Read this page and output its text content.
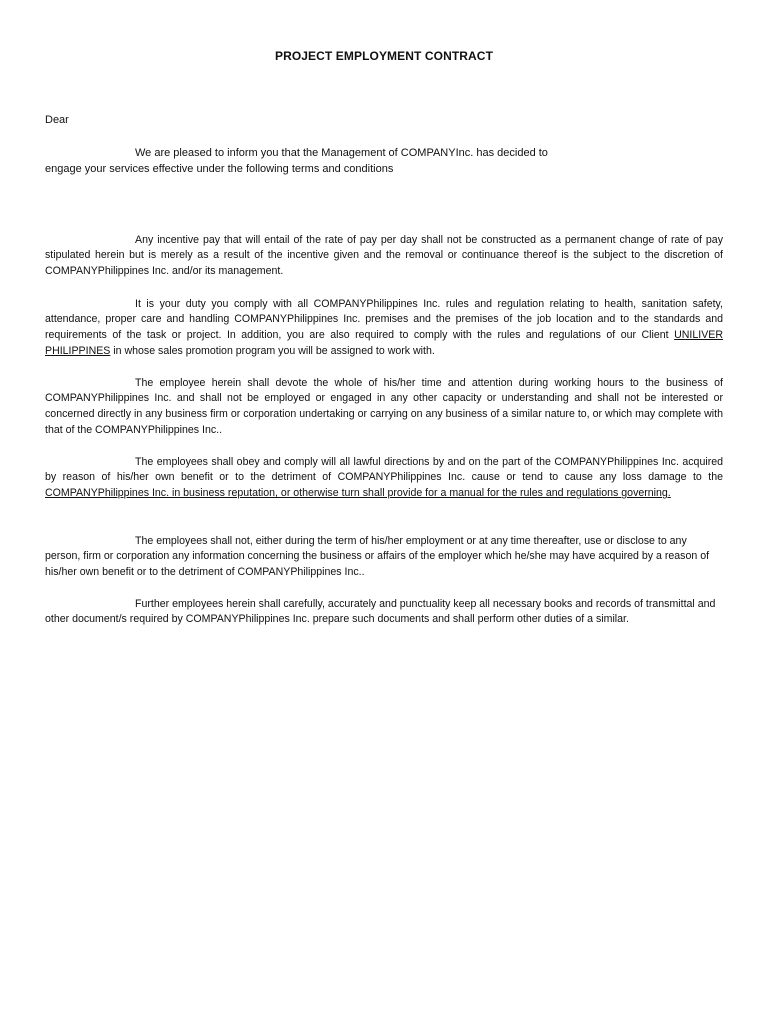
PROJECT EMPLOYMENT CONTRACT
Dear
We are pleased to inform you that the Management of COMPANYInc. has decided to
engage your services effective under the following terms and conditions

Any incentive pay that will entail of the rate of pay per day shall not be constructed as a permanent change of rate of pay stipulated herein but is merely as a result of the incentive given and the removal or continuance thereof is the subject to the discretion of COMPANYPhilippines Inc. and/or its management.

It is your duty you comply with all COMPANYPhilippines Inc. rules and regulation relating to health, sanitation safety, attendance, proper care and handling COMPANYPhilippines Inc. premises and the premises of the job location and to the standards and requirements of the task or project. In addition, you are also required to comply with the rules and regulations of our Client UNILIVER PHILIPPINES in whose sales promotion program you will be assigned to work with.

The employee herein shall devote the whole of his/her time and attention during working hours to the business of COMPANYPhilippines Inc. and shall not be employed or engaged in any other capacity or understanding and shall not be interested or concerned directly in any business firm or corporation undertaking or carrying on any business of a similar nature to, or which may complete with that of the COMPANYPhilippines Inc..

The employees shall obey and comply will all lawful directions by and on the part of the COMPANYPhilippines Inc. acquired by reason of his/her own benefit or to the detriment of COMPANYPhilippines Inc. cause or tend to cause any loss damage to the COMPANYPhilippines Inc. in business reputation, or otherwise turn shall provide for a manual for the rules and regulations governing.

The employees shall not, either during the term of his/her employment or at any time thereafter, use or disclose to any person, firm or corporation any information concerning the business or affairs of the employer which he/she may have acquired by a reason of his/her own benefit or to the detriment of COMPANYPhilippines Inc..

Further employees herein shall carefully, accurately and punctuality keep all necessary books and records of transmittal and other document/s required by COMPANYPhilippines Inc. prepare such documents and shall perform other duties of a similar.
